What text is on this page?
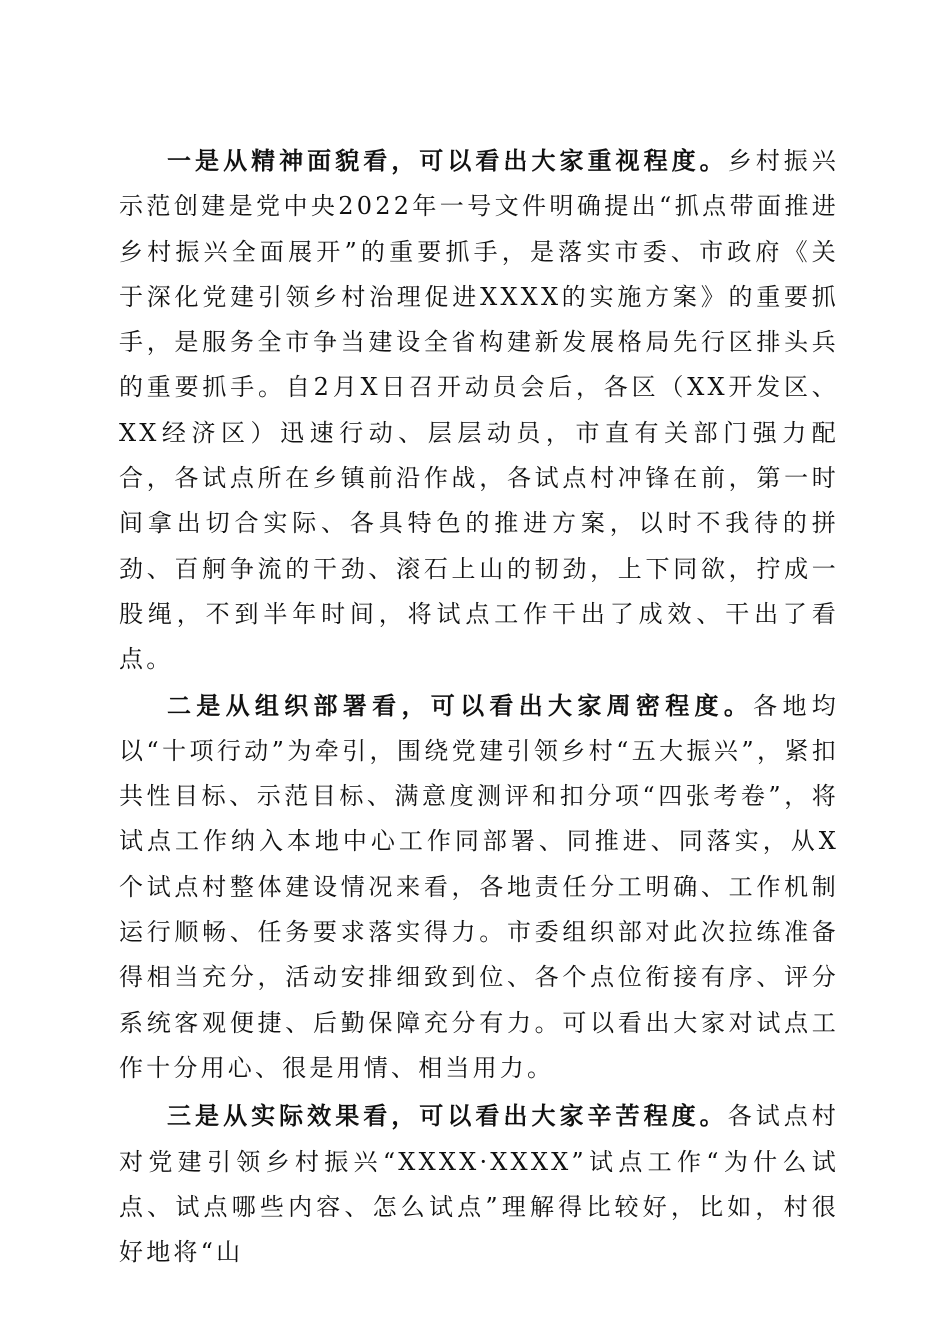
一是从精神面貌看，可以看出大家重视程度。乡村振兴示范创建是党中央2022年一号文件明确提出“抓点带面推进乡村振兴全面展开”的重要抓手，是落实市委、市政府《关于深化党建引领乡村治理促进XXXX的实施方案》的重要抓手，是服务全市争当建设全省构建新发展格局先行区排头兵的重要抓手。自2月X日召开动员会后，各区（XX开发区、XX经济区）迅速行动、层层动员，市直有关部门强力配合，各试点所在乡镇前沿作战，各试点村冲锋在前，第一时间拿出切合实际、各具特色的推进方案，以时不我待的拼劲、百舸争流的干劲、滚石上山的韧劲，上下同欲，拧成一股绳，不到半年时间，将试点工作干出了成效、干出了看点。

二是从组织部署看，可以看出大家周密程度。各地均以“十项行动”为牵引，围绕党建引领乡村“五大振兴”，紧扣共性目标、示范目标、满意度测评和扣分项“四张考卷”，将试点工作纳入本地中心工作同部署、同推进、同落实，从X个试点村整体建设情况来看，各地责任分工明确、工作机制运行顺畅、任务要求落实得力。市委组织部对此次拉练准备得相当充分，活动安排细致到位、各个点位衔接有序、评分系统客观便捷、后勤保障充分有力。可以看出大家对试点工作十分用心、很是用情、相当用力。

三是从实际效果看，可以看出大家辛苦程度。各试点村对党建引领乡村振兴“XXXX·XXXX”试点工作“为什么试点、试点哪些内容、怎么试点”理解得比较好，比如，村很好地将“山
